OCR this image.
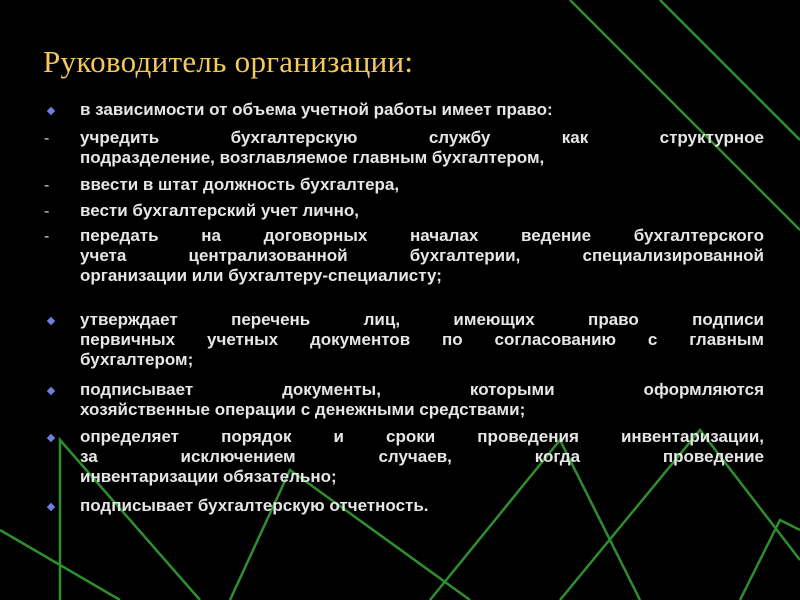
Руководитель организации:
в зависимости от объема учетной работы имеет право:
- учредить бухгалтерскую службу как структурное
подразделение, возглавляемое главным бухгалтером,
- ввести в штат должность бухгалтера,
- вести бухгалтерский учет лично,
- передать на договорных началах ведение бухгалтерского
учета централизованной бухгалтерии, специализированной
организации или бухгалтеру-специалисту;
утверждает перечень лиц, имеющих право подписи
первичных учетных документов по согласованию с главным
бухгалтером;
подписывает документы, которыми оформляются
хозяйственные операции с денежными средствами;
определяет порядок и сроки проведения инвентаризации,
за исключением случаев, когда проведение
инвентаризации обязательно;
подписывает бухгалтерскую отчетность.
